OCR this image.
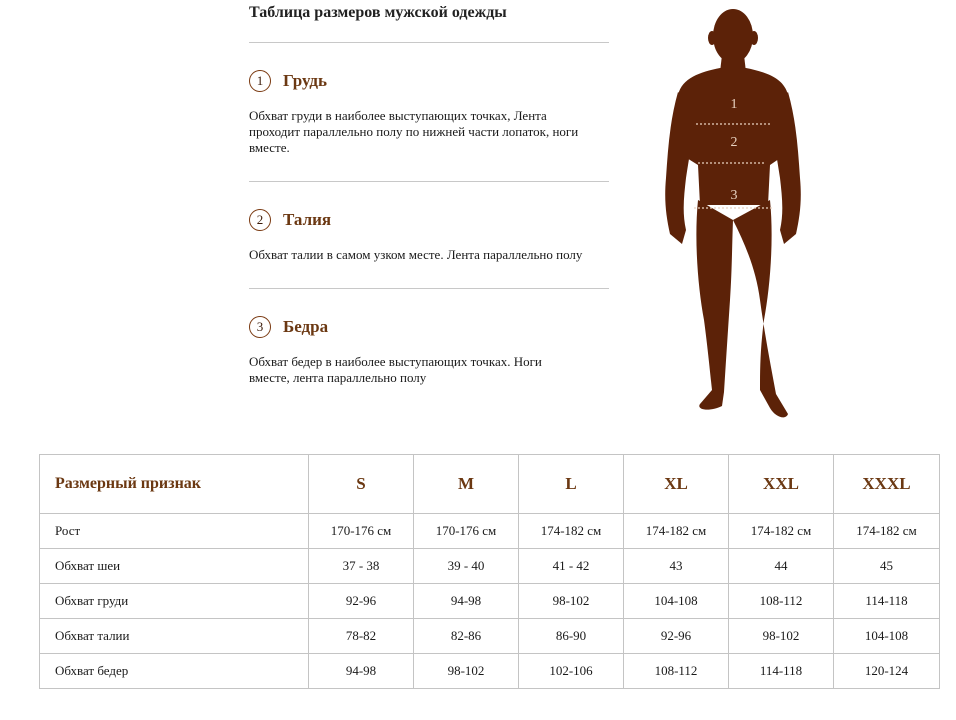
Таблица размеров мужской одежды
1	Грудь
Обхват груди в наиболее выступающих точках, Лента
проходит параллельно полу по нижней части лопаток, ноги
вместе.
2	Талия
Обхват талии в самом узком месте. Лента параллельно полу
3	Бедра
Обхват бедер в наиболее выступающих точках. Ноги
вместе, лента параллельно полу
1
2
3
Размерный признак	S	M	L	XL	XXL	XXXL
Рост	170-176 см	170-176 см	174-182 см	174-182 см	174-182 см	174-182 см
Обхват шеи	37 - 38	39 - 40	41 - 42	43	44	45
Обхват груди	92-96	94-98	98-102	104-108	108-112	114-118
Обхват талии	78-82	82-86	86-90	92-96	98-102	104-108
Обхват бедер	94-98	98-102	102-106	108-112	114-118	120-124
